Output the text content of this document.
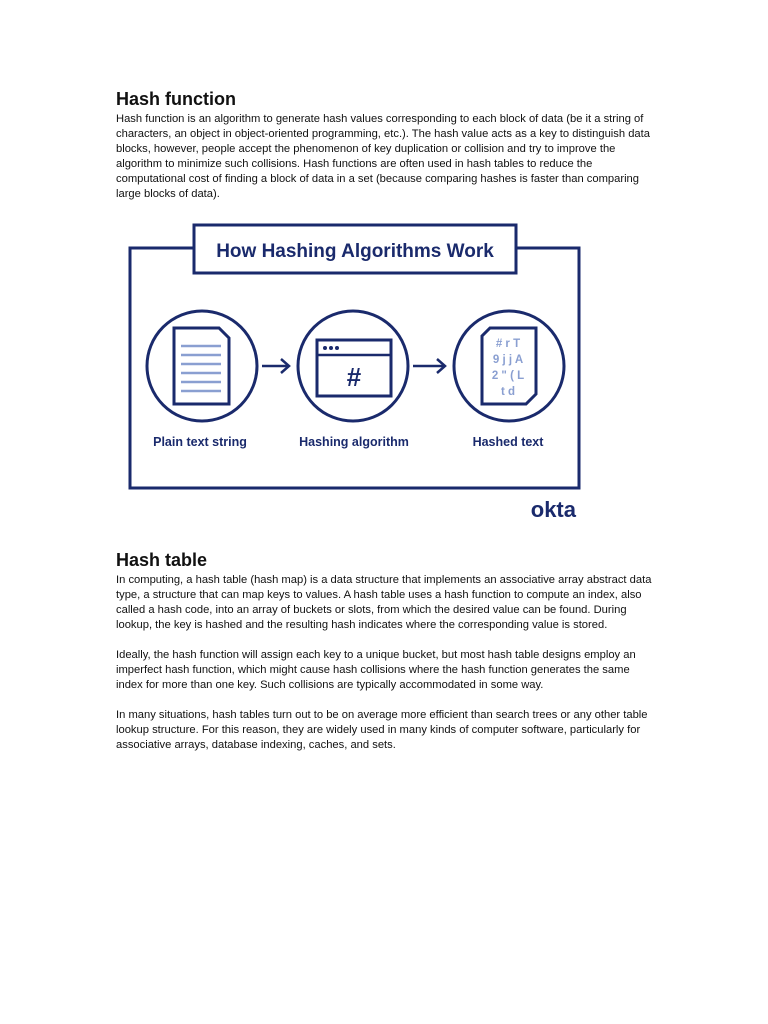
Hash function

Hash function is an algorithm to generate hash values corresponding to each block of data (be it a string of characters, an object in object-oriented programming, etc.). The hash value acts as a key to distinguish data blocks, however, people accept the phenomenon of key duplication or collision and try to improve the algorithm to minimize such collisions. Hash functions are often used in hash tables to reduce the computational cost of finding a block of data in a set (because comparing hashes is faster than comparing large blocks of data).

How Hashing Algorithms Work
Plain text string
#
Hashing algorithm
# r T
9 j j A
2 " ( L
t d
Hashed text
okta
Hash table

In computing, a hash table (hash map) is a data structure that implements an associative array abstract data type, a structure that can map keys to values. A hash table uses a hash function to compute an index, also called a hash code, into an array of buckets or slots, from which the desired value can be found. During lookup, the key is hashed and the resulting hash indicates where the corresponding value is stored.

Ideally, the hash function will assign each key to a unique bucket, but most hash table designs employ an imperfect hash function, which might cause hash collisions where the hash function generates the same index for more than one key. Such collisions are typically accommodated in some way.

In many situations, hash tables turn out to be on average more efficient than search trees or any other table lookup structure. For this reason, they are widely used in many kinds of computer software, particularly for associative arrays, database indexing, caches, and sets.
